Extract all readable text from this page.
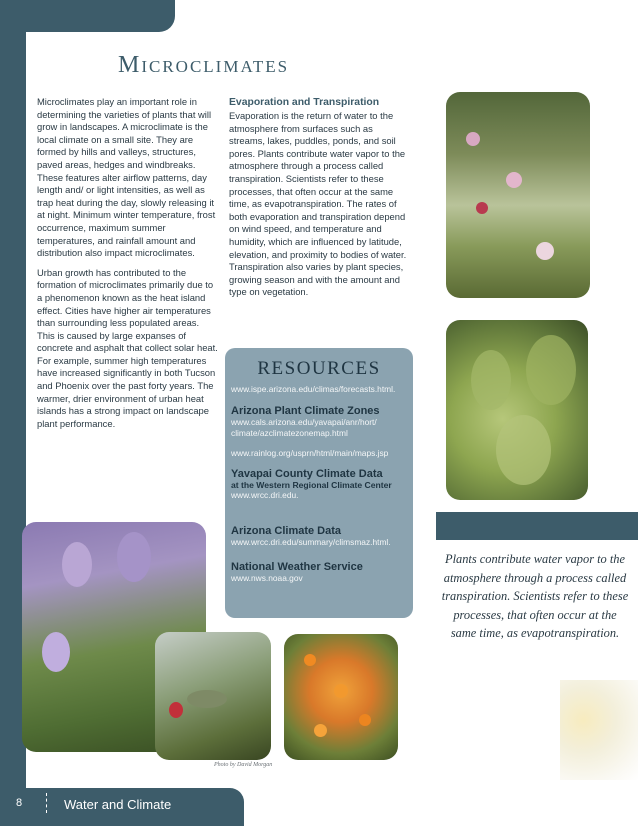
Microclimates

Microclimates play an important role in determining the varieties of plants that will grow in landscapes. A microclimate is the local climate on a small site. They are formed by hills and valleys, structures, paved areas, hedges and windbreaks. These features alter airflow patterns, day length and/ or light intensities, as well as trap heat during the day, slowly releasing it at night. Minimum winter temperature, frost occurrence, maximum summer temperatures, and rainfall amount and distribution also impact microclimates.

Urban growth has contributed to the formation of microclimates primarily due to a phenomenon known as the heat island effect. Cities have higher air temperatures than surrounding less populated areas. This is caused by large expanses of concrete and asphalt that collect solar heat. For example, summer high temperatures have increased significantly in both Tucson and Phoenix over the past forty years. The warmer, drier environment of urban heat islands has a strong impact on landscape plant performance.

Evaporation and Transpiration
Evaporation is the return of water to the atmosphere from surfaces such as streams, lakes, puddles, ponds, and soil pores. Plants contribute water vapor to the atmosphere through a process called transpiration. Scientists refer to these processes, that often occur at the same time, as evapotranspiration. The rates of both evaporation and transpiration depend on wind speed, and temperature and humidity, which are influenced by latitude, elevation, and proximity to bodies of water. Transpiration also varies by plant species, growing season and with the amount and type on vegetation.
RESOURCES
www.ispe.arizona.edu/climas/forecasts.html.
Arizona Plant Climate Zones
www.cals.arizona.edu/yavapai/anr/hort/
climate/azclimatezonemap.html
www.rainlog.org/usprn/html/main/maps.jsp
Yavapai County Climate Data
at the Western Regional Climate Center
www.wrcc.dri.edu.
Arizona Climate Data
www.wrcc.dri.edu/summary/climsmaz.html.
National Weather Service
www.nws.noaa.gov
Plants contribute water vapor to the atmosphere through a process called transpiration. Scientists refer to these processes, that often occur at the same time, as evapotranspiration.
Photo by David Morgan
8	Water and Climate
